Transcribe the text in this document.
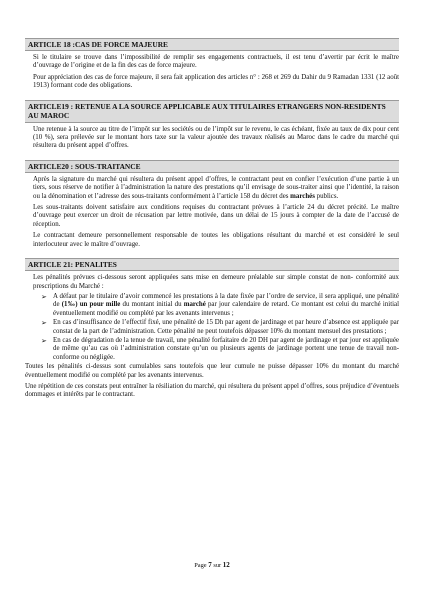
ARTICLE 18 :CAS DE FORCE MAJEURE

Si le titulaire se trouve dans l’impossibilité de remplir ses engagements contractuels, il est tenu d’avertir par écrit le maître d’ouvrage de l’origine et de la fin des cas de force majeure.

Pour appréciation des cas de force majeure, il sera fait application des articles n° : 268 et 269 du Dahir du 9 Ramadan 1331 (12 août 1913) formant code des obligations.

ARTICLE19 : RETENUE A LA SOURCE APPLICABLE AUX TITULAIRES ETRANGERS NON-RESIDENTS AU MAROC

Une retenue à la source au titre de l’impôt sur les sociétés ou de l’impôt sur le revenu, le cas échéant, fixée au taux de dix pour cent (10 %), sera prélevée sur le montant hors taxe sur la valeur ajoutée des travaux réalisés au Maroc dans le cadre du marché qui résultera du présent appel d’offres.

ARTICLE20 : SOUS-TRAITANCE

Après la signature du marché qui résultera du présent appel d’offres, le contractant peut en confier l’exécution d’une partie à un tiers, sous réserve de notifier à l’administration la nature des prestations qu’il envisage de sous-traiter ainsi que l’identité, la raison ou la dénomination et l’adresse des sous-traitants conformément à l’article 158 du décret des marchés publics.

Les sous-traitants doivent satisfaire aux conditions requises du contractant prévues à l’article 24 du décret précité. Le maître d’ouvrage peut exercer un droit de récusation par lettre motivée, dans un délai de 15 jours à compter de la date de l’accusé de réception.

Le contractant demeure personnellement responsable de toutes les obligations résultant du marché et est considéré le seul interlocuteur avec le maître d’ouvrage.

ARTICLE 21: PENALITES

Les pénalités prévues ci-dessous seront appliquées sans mise en demeure préalable sur simple constat de non- conformité aux prescriptions du Marché :

➢ A défaut par le titulaire d’avoir commencé les prestations à la date fixée par l’ordre de service, il sera appliqué, une pénalité de (1‰) un pour mille du montant initial du marché par jour calendaire de retard. Ce montant est celui du marché initial éventuellement modifié ou complété par les avenants intervenus ;
➢ En cas d’insuffisance de l’effectif fixé, une pénalité de 15 Dh par agent de jardinage et par heure d’absence est appliquée par constat de la part de l’administration. Cette pénalité ne peut toutefois dépasser 10% du montant mensuel des prestations ;
➢ En cas de dégradation de la tenue de travail, une pénalité forfaitaire de 20 DH par agent de jardinage et par jour est appliquée de même qu’au cas où l’administration constate qu’un ou plusieurs agents de jardinage portent une tenue de travail non-conforme ou négligée.

Toutes les pénalités ci-dessus sont cumulables sans toutefois que leur cumule ne puisse dépasser 10% du montant du marché éventuellement modifié ou complété par les avenants intervenus.

Une répétition de ces constats peut entraîner la résiliation du marché, qui résultera du présent appel d’offres, sous préjudice d’éventuels dommages et intérêts par le contractant.

Page 7 sur 12
